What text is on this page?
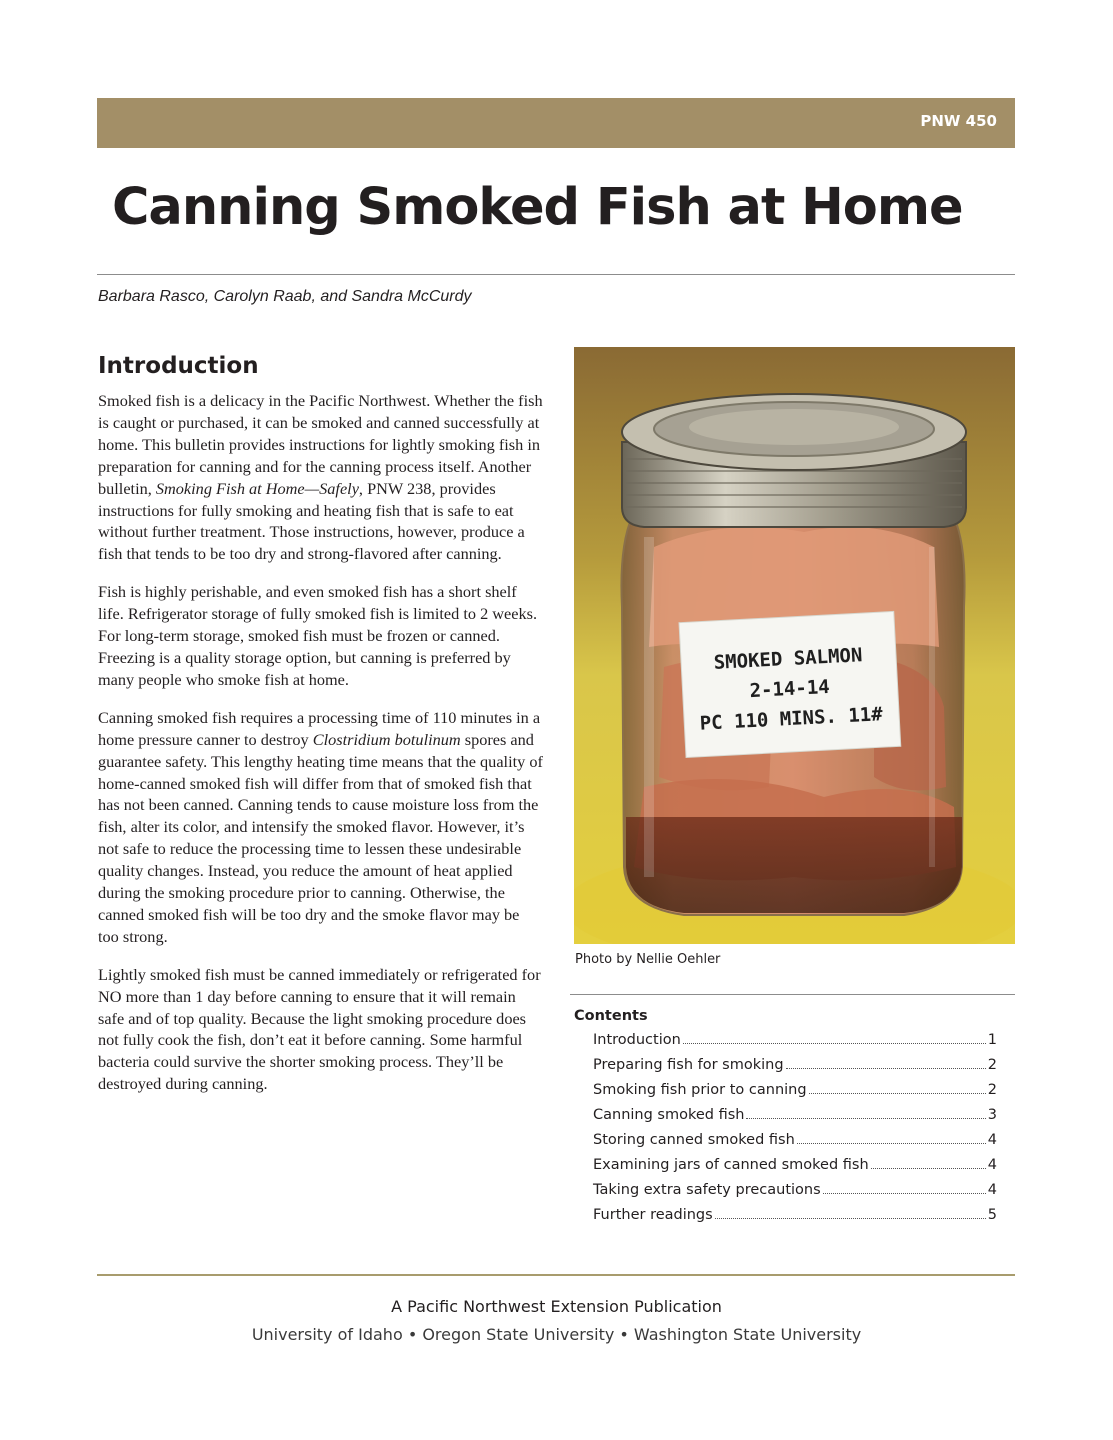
PNW 450
Canning Smoked Fish at Home
Barbara Rasco, Carolyn Raab, and Sandra McCurdy
Introduction

Smoked fish is a delicacy in the Pacific Northwest. Whether the fish is caught or purchased, it can be smoked and canned successfully at home. This bulletin provides instructions for lightly smoking fish in preparation for canning and for the canning process itself. Another bulletin, Smoking Fish at Home—Safely, PNW 238, provides instructions for fully smoking and heating fish that is safe to eat without further treatment. Those instructions, however, produce a fish that tends to be too dry and strong-flavored after canning.

Fish is highly perishable, and even smoked fish has a short shelf life. Refrigerator storage of fully smoked fish is limited to 2 weeks. For long-term storage, smoked fish must be frozen or canned. Freezing is a quality storage option, but canning is preferred by many people who smoke fish at home.

Canning smoked fish requires a processing time of 110 minutes in a home pressure canner to destroy Clostridium botulinum spores and guarantee safety. This lengthy heating time means that the quality of home-canned smoked fish will differ from that of smoked fish that has not been canned. Canning tends to cause moisture loss from the fish, alter its color, and intensify the smoked flavor. However, it’s not safe to reduce the processing time to lessen these undesirable quality changes. Instead, you reduce the amount of heat applied during the smoking procedure prior to canning. Otherwise, the canned smoked fish will be too dry and the smoke flavor may be too strong.

Lightly smoked fish must be canned immediately or refrigerated for NO more than 1 day before canning to ensure that it will remain safe and of top quality. Because the light smoking procedure does not fully cook the fish, don’t eat it before canning. Some harmful bacteria could survive the shorter smoking process. They’ll be destroyed during canning.

SMOKED SALMON
2-14-14
PC 110 MINS. 11#
Photo by Nellie Oehler
Contents
Introduction	1
Preparing fish for smoking	2
Smoking fish prior to canning	2
Canning smoked fish	3
Storing canned smoked fish	4
Examining jars of canned smoked fish	4
Taking extra safety precautions	4
Further readings	5
A Pacific Northwest Extension Publication
University of Idaho • Oregon State University • Washington State University
